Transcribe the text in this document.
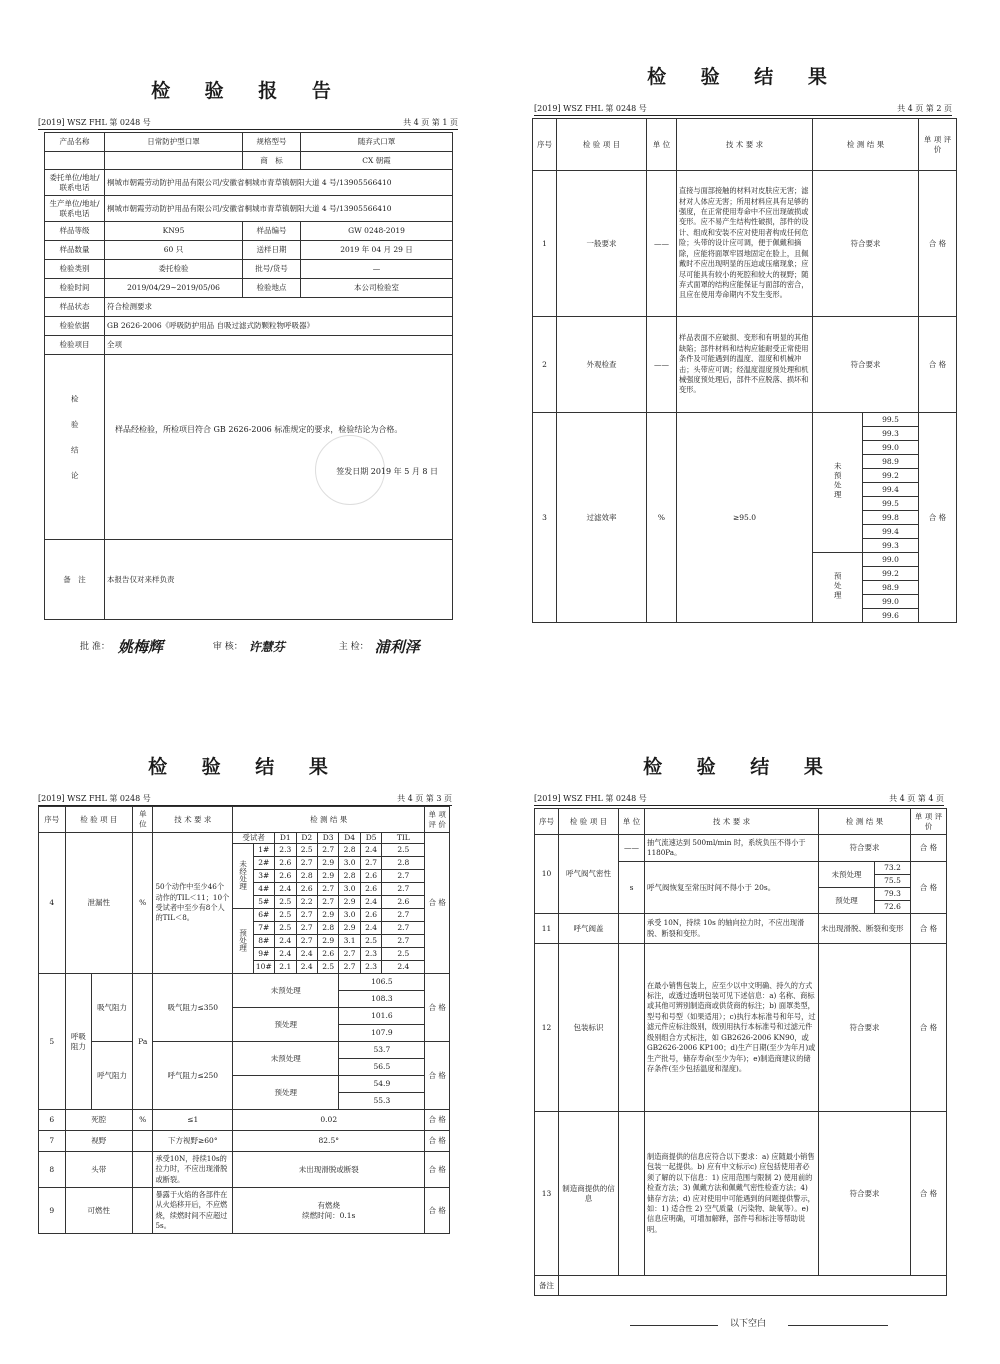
检 验 报 告
[2019] WSZ FHL 第 0248 号	共 4 页 第 1 页
产品名称	日常防护型口罩	规格型号	随弃式口罩
		商　标	CX 朝霞
委托单位/地址/联系电话	桐城市朝霞劳动防护用品有限公司/安徽省桐城市青草镇朝阳大道 4 号/13905566410		
生产单位/地址/联系电话	桐城市朝霞劳动防护用品有限公司/安徽省桐城市青草镇朝阳大道 4 号/13905566410		
样品等级	KN95	样品编号	GW 0248-2019
样品数量	60 只	送样日期	2019 年 04 月 29 日
检验类别	委托检验	批号/货号	—
检验时间	2019/04/29~2019/05/06	检验地点	本公司检验室
样品状态	符合检测要求		
检验依据	GB 2626-2006《呼吸防护用品 自吸过滤式防颗粒物呼吸器》		
检验项目	全项		
检验结论	样品经检验，所检项目符合 GB 2626-2006 标准规定的要求，检验结论为合格。
签发日期 2019 年 5 月 8 日		

备　注	本报告仅对来样负责		
批 准： 姚梅辉	审 核： 许慧芬	主 检： 浦利泽
检 验 结 果
[2019] WSZ FHL 第 0248 号	共 4 页 第 2 页
序号	检 验 项 目	单 位	技 术 要 求	检 测 结 果		单 项 评 价
1	一般要求	——	直接与面部接触的材料对皮肤应无害；滤材对人体应无害；所用材料应具有足够的强度，在正常使用寿命中不应出现破损或变形。应不易产生结构性破损，部件的设计、组成和安装不应对使用者构成任何危险；头带的设计应可调，便于佩戴和摘除，应能将面罩牢固地固定在脸上，且佩戴时不应出现明显的压迫或压痛现象；应尽可能具有较小的死腔和较大的视野；随弃式面罩的结构应能保证与面部的密合，且应在使用寿命期内不发生变形。	符合要求		合 格
2	外观检查	——	样品表面不应破损、变形和有明显的其他缺陷；部件材料和结构应能耐受正常使用条件及可能遇到的温度、湿度和机械冲击；头带应可调；经温度湿度预处理和机械强度预处理后，部件不应脱落、损坏和变形。	符合要求		合 格
3	过滤效率	%	≥95.0	未预处理	99.5	合 格
					99.3	
					99.0	
					98.9	
					99.2	
					99.4	
					99.5	
					99.8	
					99.4	
					99.3	
				预处理	99.0	
					99.2	
					98.9	
					99.0	
					99.6	
检 验 结 果
[2019] WSZ FHL 第 0248 号	共 4 页 第 3 页
序号	检 验 项 目		单 位	技 术 要 求	检 测 结 果								单 项 评 价
4	泄漏性		%	50个动作中至少46个动作的TIL＜11；10个受试者中至少有8个人的TIL＜8。	受试者		D1	D2	D3	D4	D5	TIL	合 格
					未经处理	1#	2.3	2.5	2.7	2.8	2.4	2.5	
						2#	2.6	2.7	2.9	3.0	2.7	2.8	
						3#	2.6	2.8	2.9	2.8	2.6	2.7	
						4#	2.4	2.6	2.7	3.0	2.6	2.7	
						5#	2.5	2.2	2.7	2.9	2.4	2.6	
					预处理	6#	2.5	2.7	2.9	3.0	2.6	2.7	
						7#	2.5	2.7	2.8	2.9	2.4	2.7	
						8#	2.4	2.7	2.9	3.1	2.5	2.7	
						9#	2.4	2.4	2.6	2.7	2.3	2.5	
						10#	2.1	2.4	2.5	2.7	2.3	2.4	
5	呼吸阻力	吸气阻力	Pa	吸气阻力≤350	未预处理					106.5			合 格
										108.3			
					预处理					101.6			
										107.9			
		呼气阻力		呼气阻力≤250	未预处理					53.7			合 格
										56.5			
					预处理					54.9			
										55.3			
6	死腔		%	≤1	0.02								合 格
7	视野			下方视野≥60°	82.5°								合 格
8	头带			承受10N，持续10s的拉力时，不应出现滑脱或断裂。	未出现滑脱或断裂								合 格
9	可燃性			暴露于火焰的各部件在从火焰移开后，不应燃烧，续燃时间不应超过5s。	有燃烧
续燃时间：0.1s								合 格
检 验 结 果
[2019] WSZ FHL 第 0248 号	共 4 页 第 4 页
序号	检 验 项 目	单 位	技 术 要 求	检 测 结 果		单 项 评 价
10	呼气阀气密性	——	抽气流速达到 500ml/min 时，系统负压不得小于 1180Pa。	符合要求		合 格
		s	呼气阀恢复至常压时间不得小于 20s。	未预处理	73.2	合 格
					75.5	
				预处理	79.3	
					72.6	
11	呼气阀盖		承受 10N，持续 10s 的轴向拉力时，不应出现滑脱、断裂和变形。	未出现滑脱、断裂和变形		合 格
12	包装标识		在最小销售包装上，应至少以中文明确、持久的方式标注，或透过透明包装可见下述信息：a) 名称、商标或其他可辨别制造商或供货商的标注；b) 面罩类型，型号和号型（如果适用）；c)执行本标准号和年号，过滤元件应标注级别，级别用执行本标准号和过滤元件级别组合方式标注，如 GB2626-2006 KN90，或 GB2626-2006 KP100；d)生产日期(至少为年月)或生产批号，储存寿命(至少为年)；e)制造商建议的储存条件(至少包括温度和湿度)。	符合要求		合 格
13	制造商提供的信息		制造商提供的信息应符合以下要求：a) 应随最小销售包装一起提供。b) 应有中文标示c) 应包括使用者必须了解的以下信息：1) 应用范围与限制 2) 使用前的检查方法；3) 佩戴方法和佩戴气密性检查方法；4) 储存方法；d) 应对使用中可能遇到的问题提供警示，如：1) 适合性 2) 空气质量（污染物、缺氧等）。e) 信息应明确，可增加解释，部件号和标注等帮助说明。	符合要求		合 格
备注						
以下空白
